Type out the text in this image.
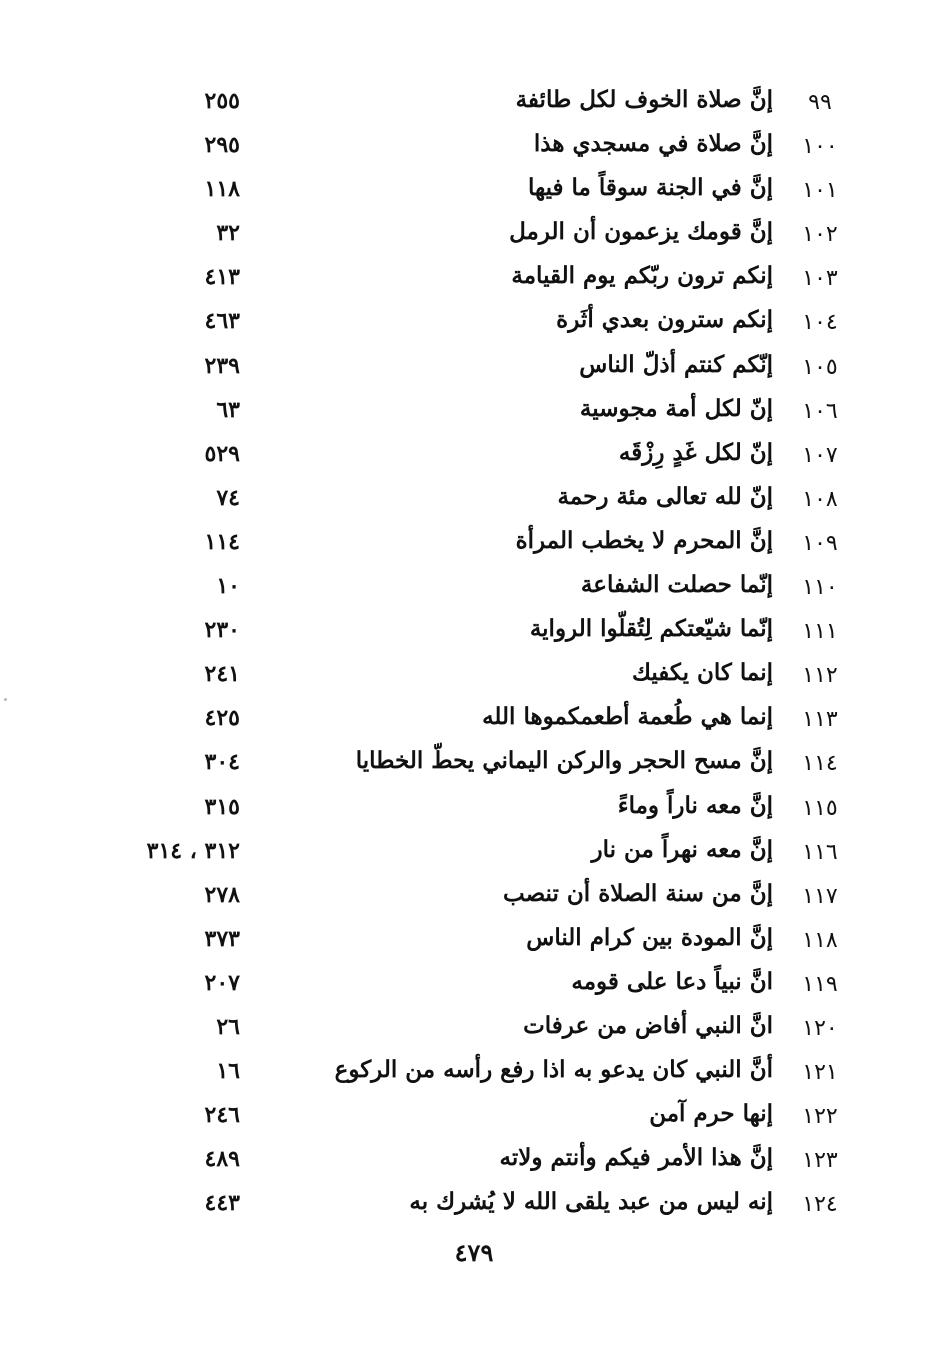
٩٩
إنَّ صلاة الخوف لكل طائفة
٢٥٥
١٠٠
إنَّ صلاة في مسجدي هذا
٢٩٥
١٠١
إنَّ في الجنة سوقاً ما فيها
١١٨
١٠٢
إنَّ قومك يزعمون أن الرمل
٣٢
١٠٣
إنكم ترون ربّكم يوم القيامة
٤١٣
١٠٤
إنكم سترون بعدي أثَرة
٤٦٣
١٠٥
إنّكم كنتم أذلّ الناس
٢٣٩
١٠٦
إنّ لكل أمة مجوسية
٦٣
١٠٧
إنّ لكل غَدٍ رِزْقَه
٥٢٩
١٠٨
إنّ لله تعالى مئة رحمة
٧٤
١٠٩
إنَّ المحرم لا يخطب المرأة
١١٤
١١٠
إنّما حصلت الشفاعة
١٠
١١١
إنّما شيّعتكم لِتُقلّوا الرواية
٢٣٠
١١٢
إنما كان يكفيك
٢٤١
١١٣
إنما هي طُعمة أطعمكموها الله
٤٢٥
١١٤
إنَّ مسح الحجر والركن اليماني يحطّ الخطايا
٣٠٤
١١٥
إنَّ معه ناراً وماءً
٣١٥
١١٦
إنَّ معه نهراً من نار
٣١٢ ، ٣١٤
١١٧
إنَّ من سنة الصلاة أن تنصب
٢٧٨
١١٨
إنَّ المودة بين كرام الناس
٣٧٣
١١٩
انَّ نبياً دعا على قومه
٢٠٧
١٢٠
انَّ النبي أفاض من عرفات
٢٦
١٢١
أنَّ النبي كان يدعو به اذا رفع رأسه من الركوع
١٦
١٢٢
إنها حرم آمن
٢٤٦
١٢٣
إنَّ هذا الأمر فيكم وأنتم ولاته
٤٨٩
١٢٤
إنه ليس من عبد يلقى الله لا يُشرك به
٤٤٣
٤٧٩
